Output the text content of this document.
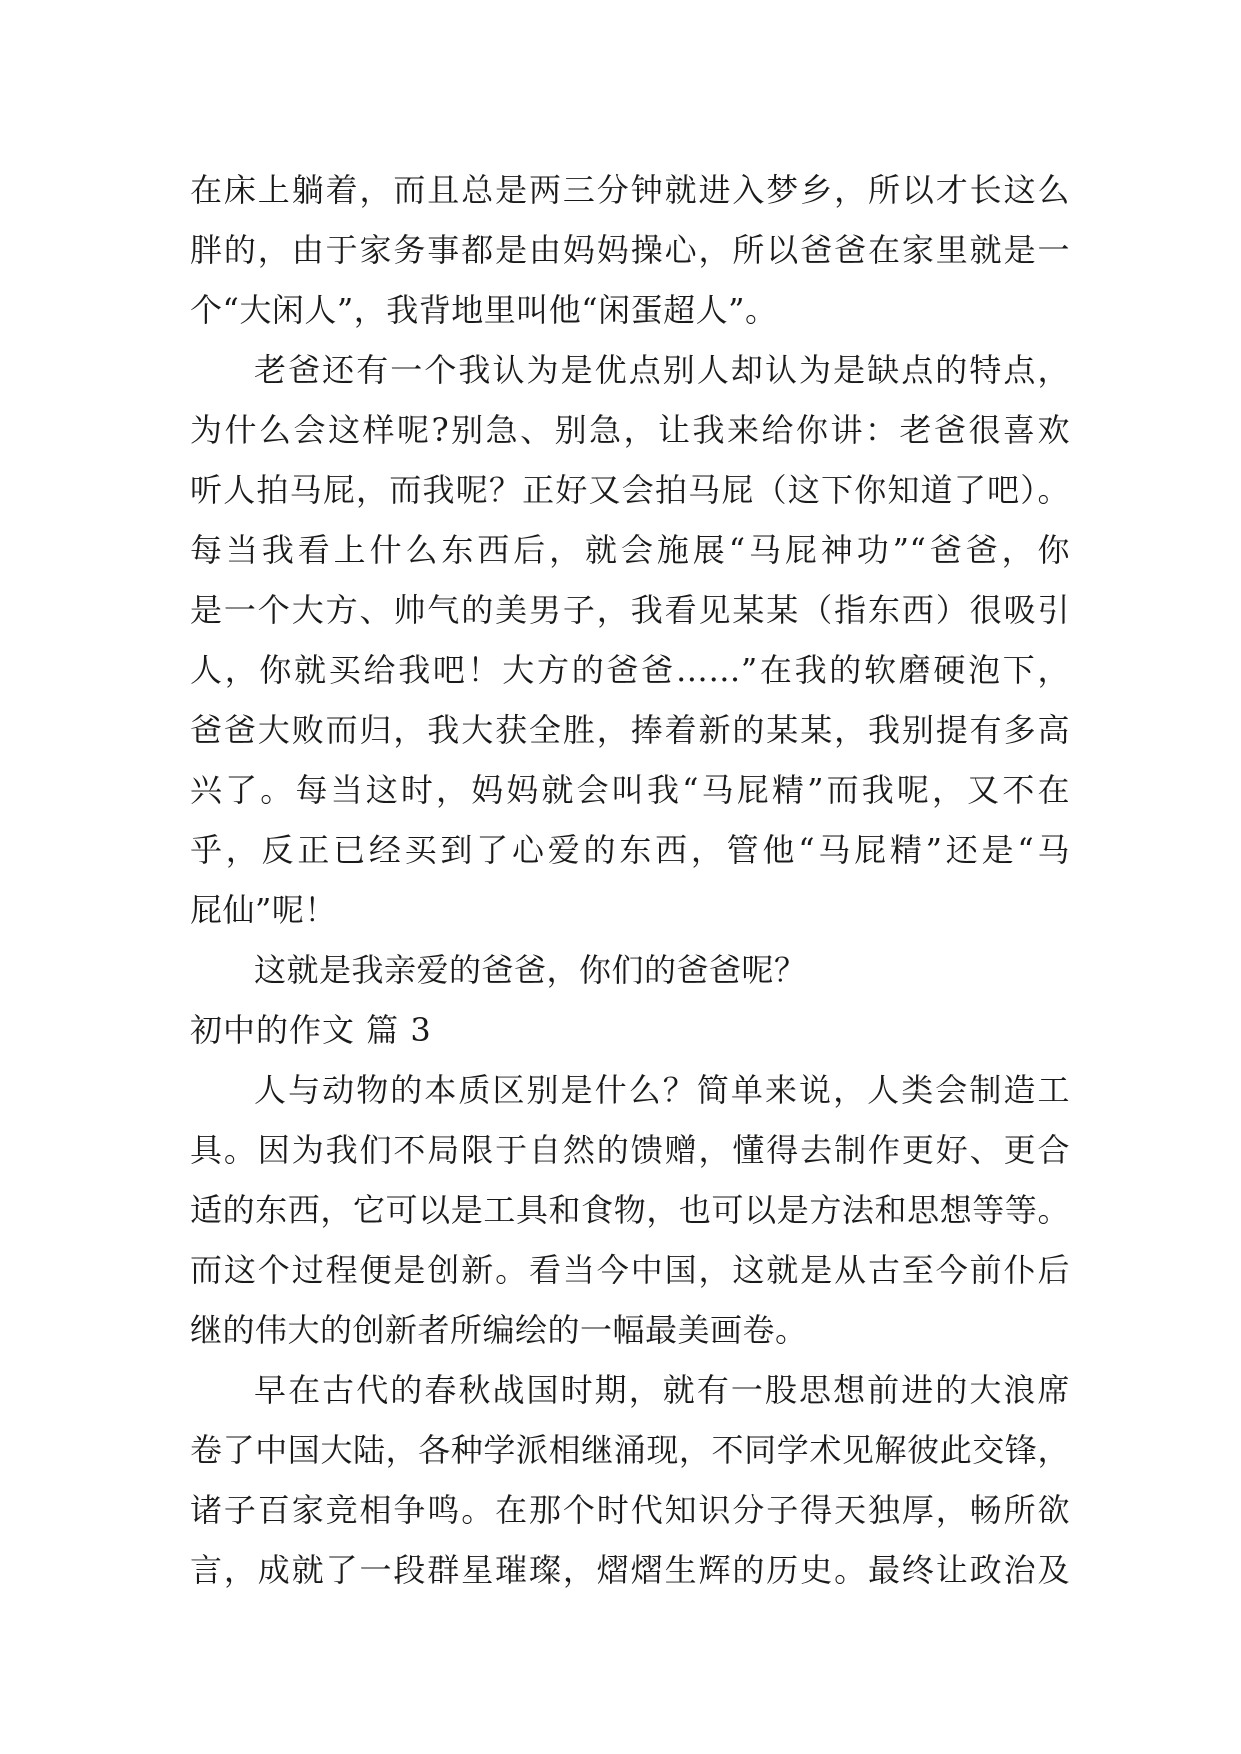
在床上躺着，而且总是两三分钟就进入梦乡，所以才长这么
胖的，由于家务事都是由妈妈操心，所以爸爸在家里就是一
个“大闲人”，我背地里叫他“闲蛋超人”。
老爸还有一个我认为是优点别人却认为是缺点的特点，
为什么会这样呢?别急、别急，让我来给你讲：老爸很喜欢
听人拍马屁，而我呢？正好又会拍马屁（这下你知道了吧）。
每当我看上什么东西后，就会施展“马屁神功”“爸爸，你
是一个大方、帅气的美男子，我看见某某（指东西）很吸引
人，你就买给我吧！大方的爸爸……”在我的软磨硬泡下，
爸爸大败而归，我大获全胜，捧着新的某某，我别提有多高
兴了。每当这时，妈妈就会叫我“马屁精”而我呢，又不在
乎，反正已经买到了心爱的东西，管他“马屁精”还是“马
屁仙”呢！
这就是我亲爱的爸爸，你们的爸爸呢？
初中的作文 篇 3
人与动物的本质区别是什么？简单来说，人类会制造工
具。因为我们不局限于自然的馈赠，懂得去制作更好、更合
适的东西，它可以是工具和食物，也可以是方法和思想等等。
而这个过程便是创新。看当今中国，这就是从古至今前仆后
继的伟大的创新者所编绘的一幅最美画卷。
早在古代的春秋战国时期，就有一股思想前进的大浪席
卷了中国大陆，各种学派相继涌现，不同学术见解彼此交锋，
诸子百家竞相争鸣。在那个时代知识分子得天独厚，畅所欲
言，成就了一段群星璀璨，熠熠生辉的历史。最终让政治及
